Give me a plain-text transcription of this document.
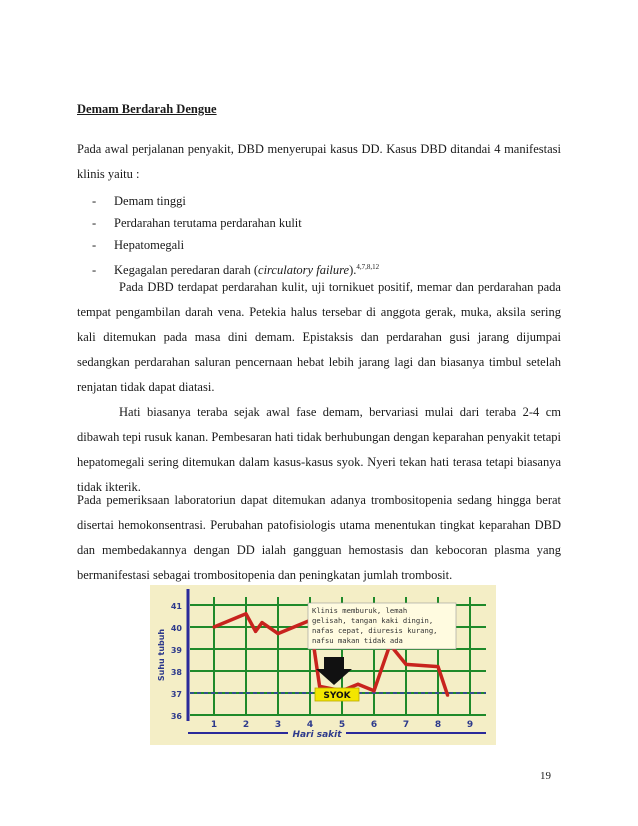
Demam Berdarah Dengue

Pada awal perjalanan penyakit, DBD menyerupai kasus DD. Kasus DBD ditandai 4 manifestasi klinis yaitu :

- Demam tinggi
- Perdarahan terutama perdarahan kulit
- Hepatomegali
- Kegagalan peredaran darah (circulatory failure).$^{4,7,8,12}$

Pada DBD terdapat perdarahan kulit, uji tornikuet positif, memar dan perdarahan pada tempat pengambilan darah vena. Petekia halus tersebar di anggota gerak, muka, aksila sering kali ditemukan pada masa dini demam. Epistaksis dan perdarahan gusi jarang dijumpai sedangkan perdarahan saluran pencernaan hebat lebih jarang lagi dan biasanya timbul setelah renjatan tidak dapat diatasi.

Hati biasanya teraba sejak awal fase demam, bervariasi mulai dari teraba 2-4 cm dibawah tepi rusuk kanan. Pembesaran hati tidak berhubungan dengan keparahan penyakit tetapi hepatomegali sering ditemukan dalam kasus-kasus syok. Nyeri tekan hati terasa tetapi biasanya tidak ikterik.

Pada pemeriksaan laboratoriun dapat ditemukan adanya trombositopenia sedang hingga berat disertai hemokonsentrasi. Perubahan patofisiologis utama menentukan tingkat keparahan DBD dan membedakannya dengan DD ialah gangguan hemostasis dan kebocoran plasma yang bermanifestasi sebagai trombositopenia dan peningkatan jumlah trombosit.

41
40
39
38
37
36
1	2	3	4	5	6	7	8	9
Hari sakit
Suhu tubuh
Klinis memburuk, lemah
gelisah, tangan kaki dingin,
nafas cepat, diuresis kurang,
nafsu makan tidak ada
SYOK
19
